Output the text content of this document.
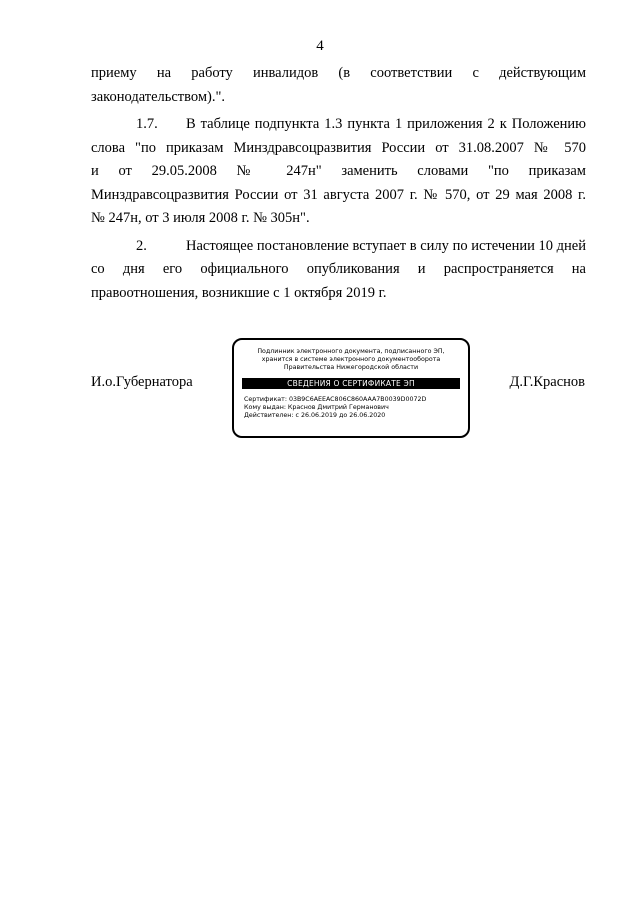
4

приему на работу инвалидов (в соответствии с действующим
законодательством).".

1.7. В таблице подпункта 1.3 пункта 1 приложения 2 к Положению
слова "по приказам Минздравсоцразвития России от 31.08.2007 № 570
и от 29.05.2008 № 247н" заменить словами "по приказам
Минздравсоцразвития России от 31 августа 2007 г. № 570, от 29 мая 2008 г.
№ 247н, от 3 июля 2008 г. № 305н".

2.	Настоящее постановление вступает в силу по истечении 10 дней
со дня его официального опубликования и распространяется на
правоотношения, возникшие с 1 октября 2019 г.

И.о.Губернатора
Подлинник электронного документа, подписанного ЭП,
хранится в системе электронного документооборота
Правительства Нижегородской области
СВЕДЕНИЯ О СЕРТИФИКАТЕ ЭП
Сертификат: 03B9C6AEEAC806C860AAA7B0039D0072D
Кому выдан: Краснов Дмитрий Германович
Действителен: с 26.06.2019 до 26.06.2020
Д.Г.Краснов
